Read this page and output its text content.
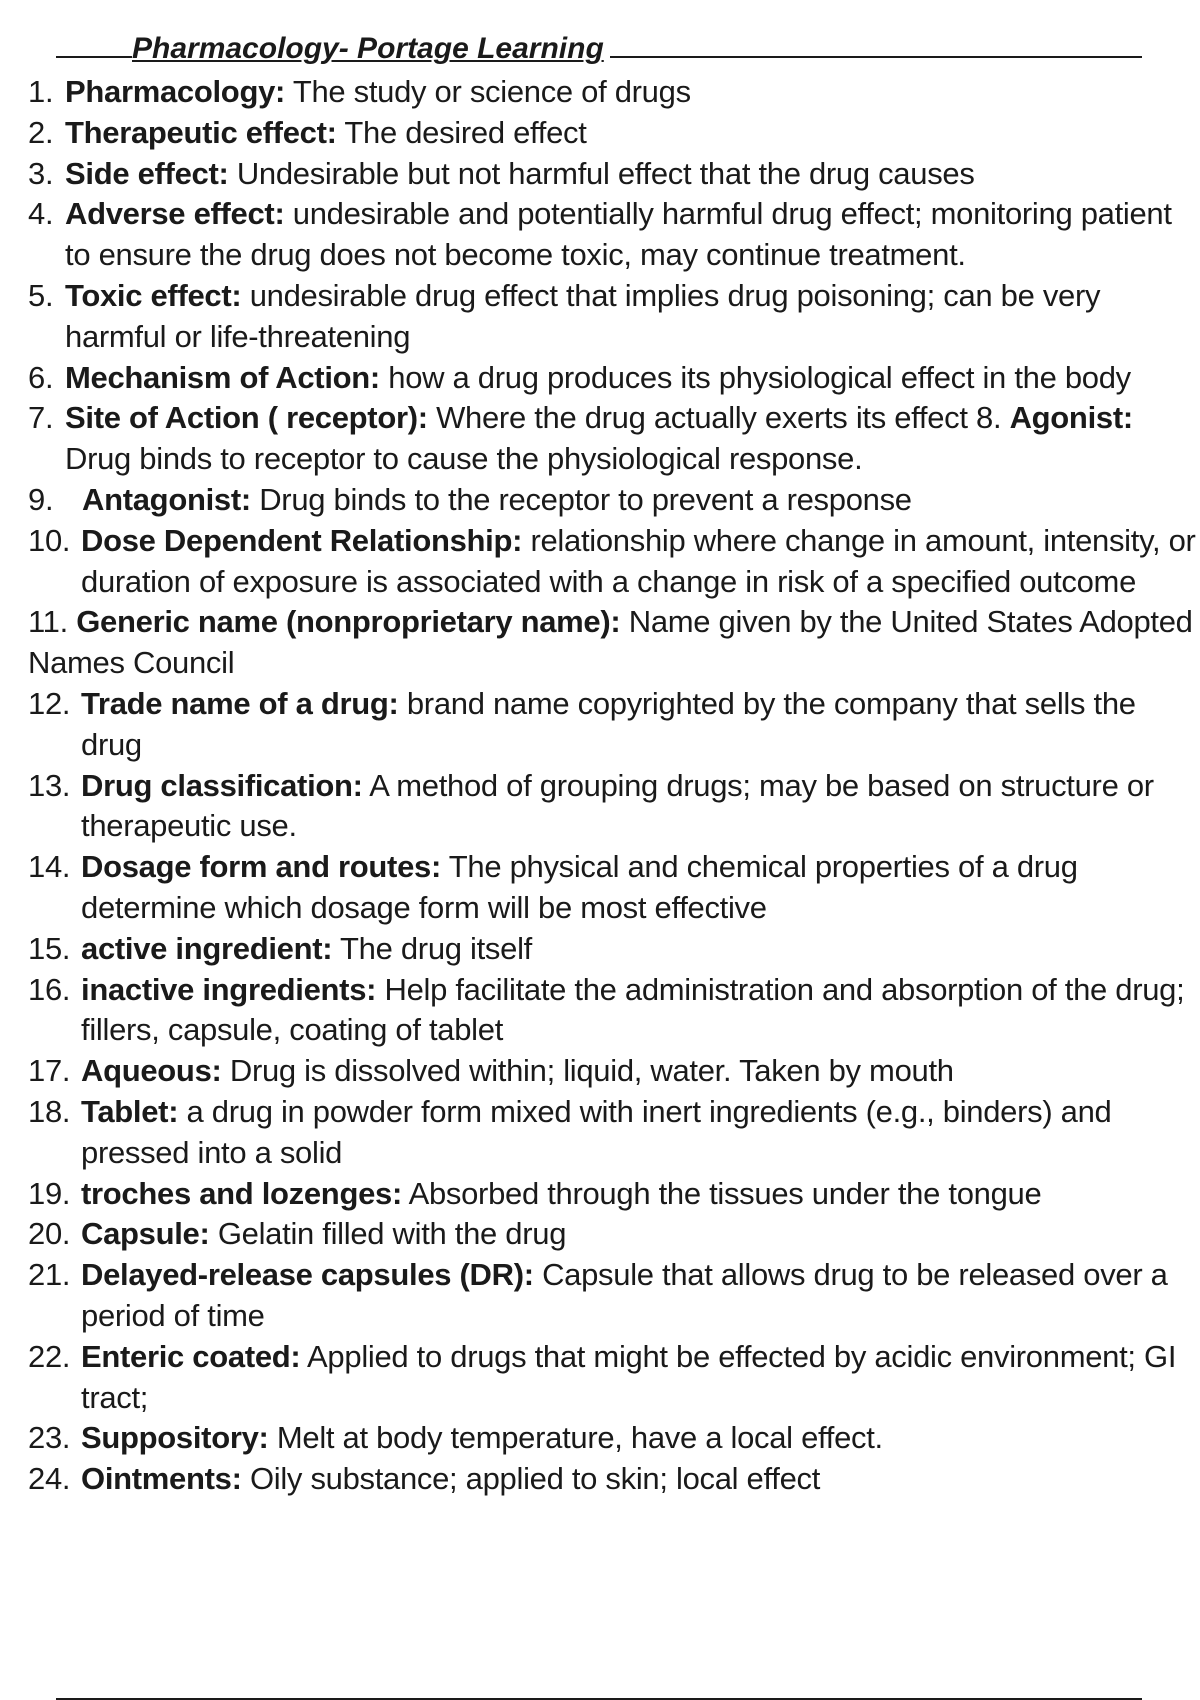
Pharmacology- Portage Learning
1. Pharmacology: The study or science of drugs
2. Therapeutic effect: The desired effect
3. Side effect: Undesirable but not harmful effect that the drug causes
4. Adverse effect: undesirable and potentially harmful drug effect; monitoring patient to ensure the drug does not become toxic, may continue treatment.
5. Toxic effect: undesirable drug effect that implies drug poisoning; can be very harmful or life-threatening
6. Mechanism of Action: how a drug produces its physiological effect in the body
7. Site of Action ( receptor): Where the drug actually exerts its effect 8. Agonist: Drug binds to receptor to cause the physiological response.
9. Antagonist: Drug binds to the receptor to prevent a response
10. Dose Dependent Relationship: relationship where change in amount, intensity, or duration of exposure is associated with a change in risk of a specified outcome
11. Generic name (nonproprietary name): Name given by the United States Adopted Names Council
12. Trade name of a drug: brand name copyrighted by the company that sells the drug
13. Drug classification: A method of grouping drugs; may be based on structure or therapeutic use.
14. Dosage form and routes: The physical and chemical properties of a drug determine which dosage form will be most effective
15. active ingredient: The drug itself
16. inactive ingredients: Help facilitate the administration and absorption of the drug; fillers, capsule, coating of tablet
17. Aqueous: Drug is dissolved within; liquid, water. Taken by mouth
18. Tablet: a drug in powder form mixed with inert ingredients (e.g., binders) and pressed into a solid
19. troches and lozenges: Absorbed through the tissues under the tongue
20. Capsule: Gelatin filled with the drug
21. Delayed-release capsules (DR): Capsule that allows drug to be released over a period of time
22. Enteric coated: Applied to drugs that might be effected by acidic environment; GI tract;
23. Suppository: Melt at body temperature, have a local effect.
24. Ointments: Oily substance; applied to skin; local effect
